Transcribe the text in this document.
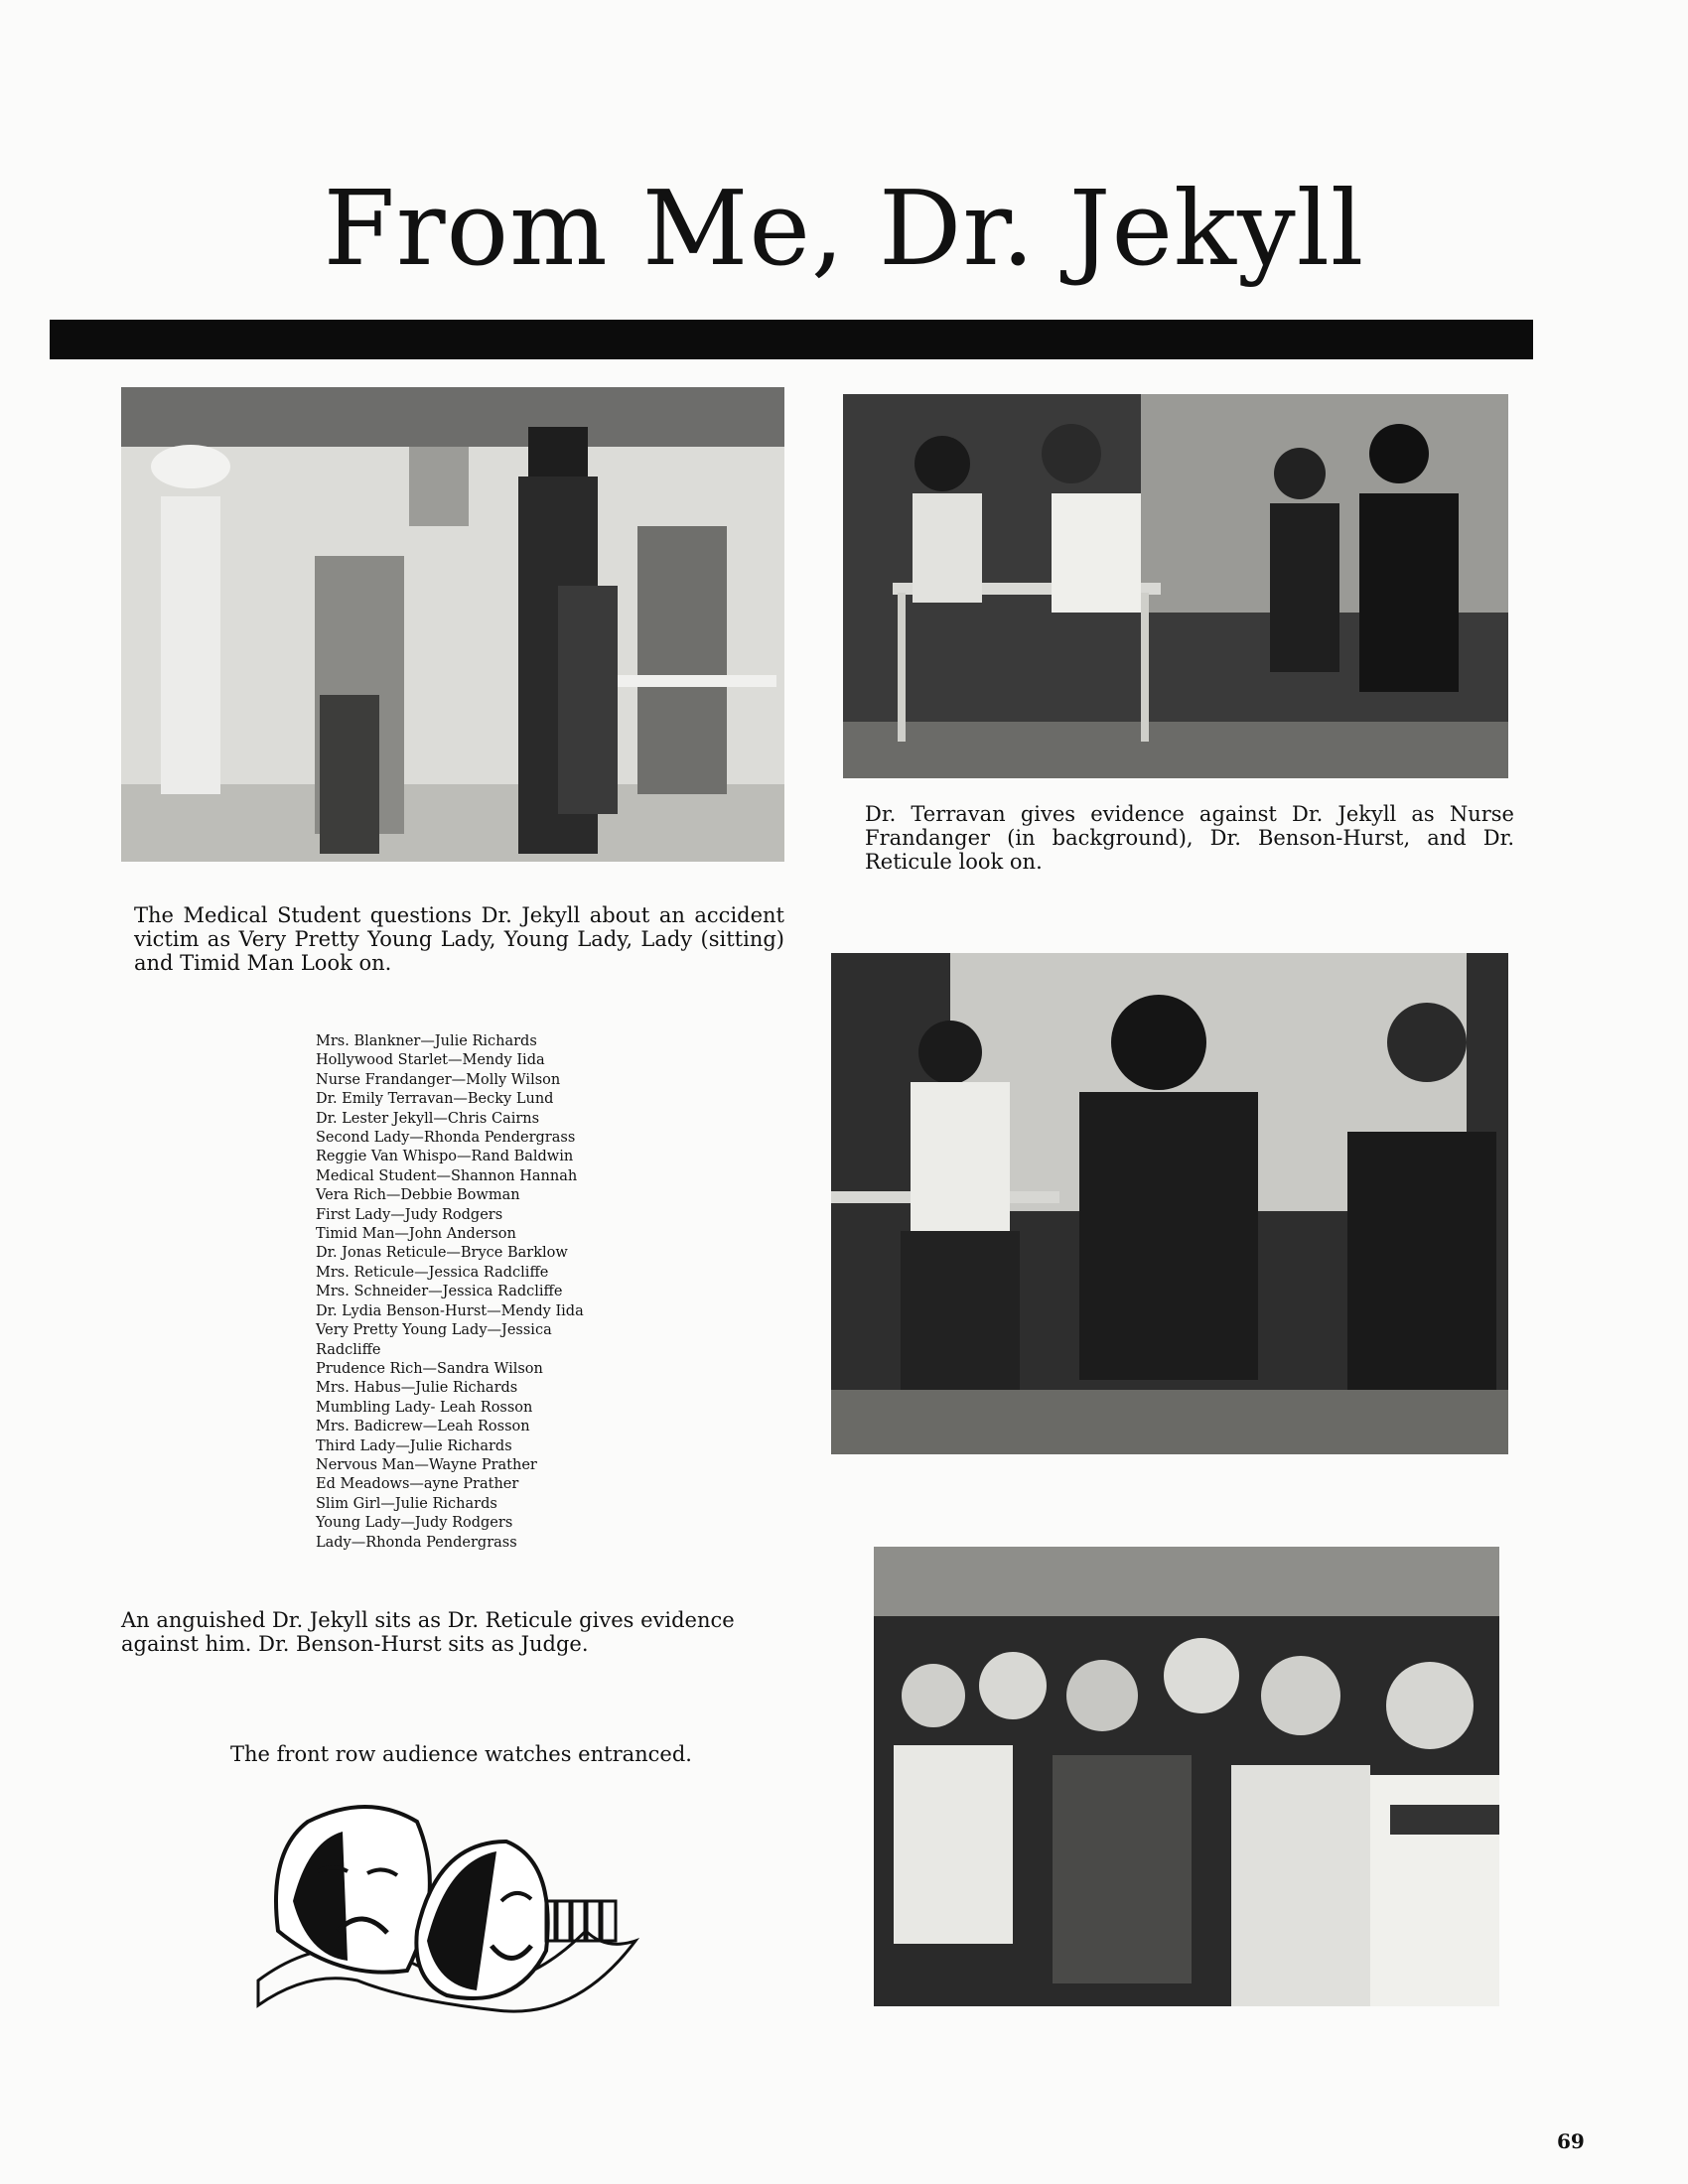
From Me, Dr. Jekyll

Dr. Terravan gives evidence against Dr. Jekyll as Nurse Frandanger (in background), Dr. Benson-Hurst, and Dr. Reticule look on.

The Medical Student questions Dr. Jekyll about an accident victim as Very Pretty Young Lady, Young Lady, Lady (sitting) and Timid Man Look on.

Mrs. Blankner—Julie Richards
Hollywood Starlet—Mendy Iida
Nurse Frandanger—Molly Wilson
Dr. Emily Terravan—Becky Lund
Dr. Lester Jekyll—Chris Cairns
Second Lady—Rhonda Pendergrass
Reggie Van Whispo—Rand Baldwin
Medical Student—Shannon Hannah
Vera Rich—Debbie Bowman
First Lady—Judy Rodgers
Timid Man—John Anderson
Dr. Jonas Reticule—Bryce Barklow
Mrs. Reticule—Jessica Radcliffe
Mrs. Schneider—Jessica Radcliffe
Dr. Lydia Benson-Hurst—Mendy Iida
Very Pretty Young Lady—Jessica
Radcliffe
Prudence Rich—Sandra Wilson
Mrs. Habus—Julie Richards
Mumbling Lady- Leah Rosson
Mrs. Badicrew—Leah Rosson
Third Lady—Julie Richards
Nervous Man—Wayne Prather
Ed Meadows—ayne Prather
Slim Girl—Julie Richards
Young Lady—Judy Rodgers
Lady—Rhonda Pendergrass

An anguished Dr. Jekyll sits as Dr. Reticule gives evidence against him. Dr. Benson-Hurst sits as Judge.

The front row audience watches entranced.

69
